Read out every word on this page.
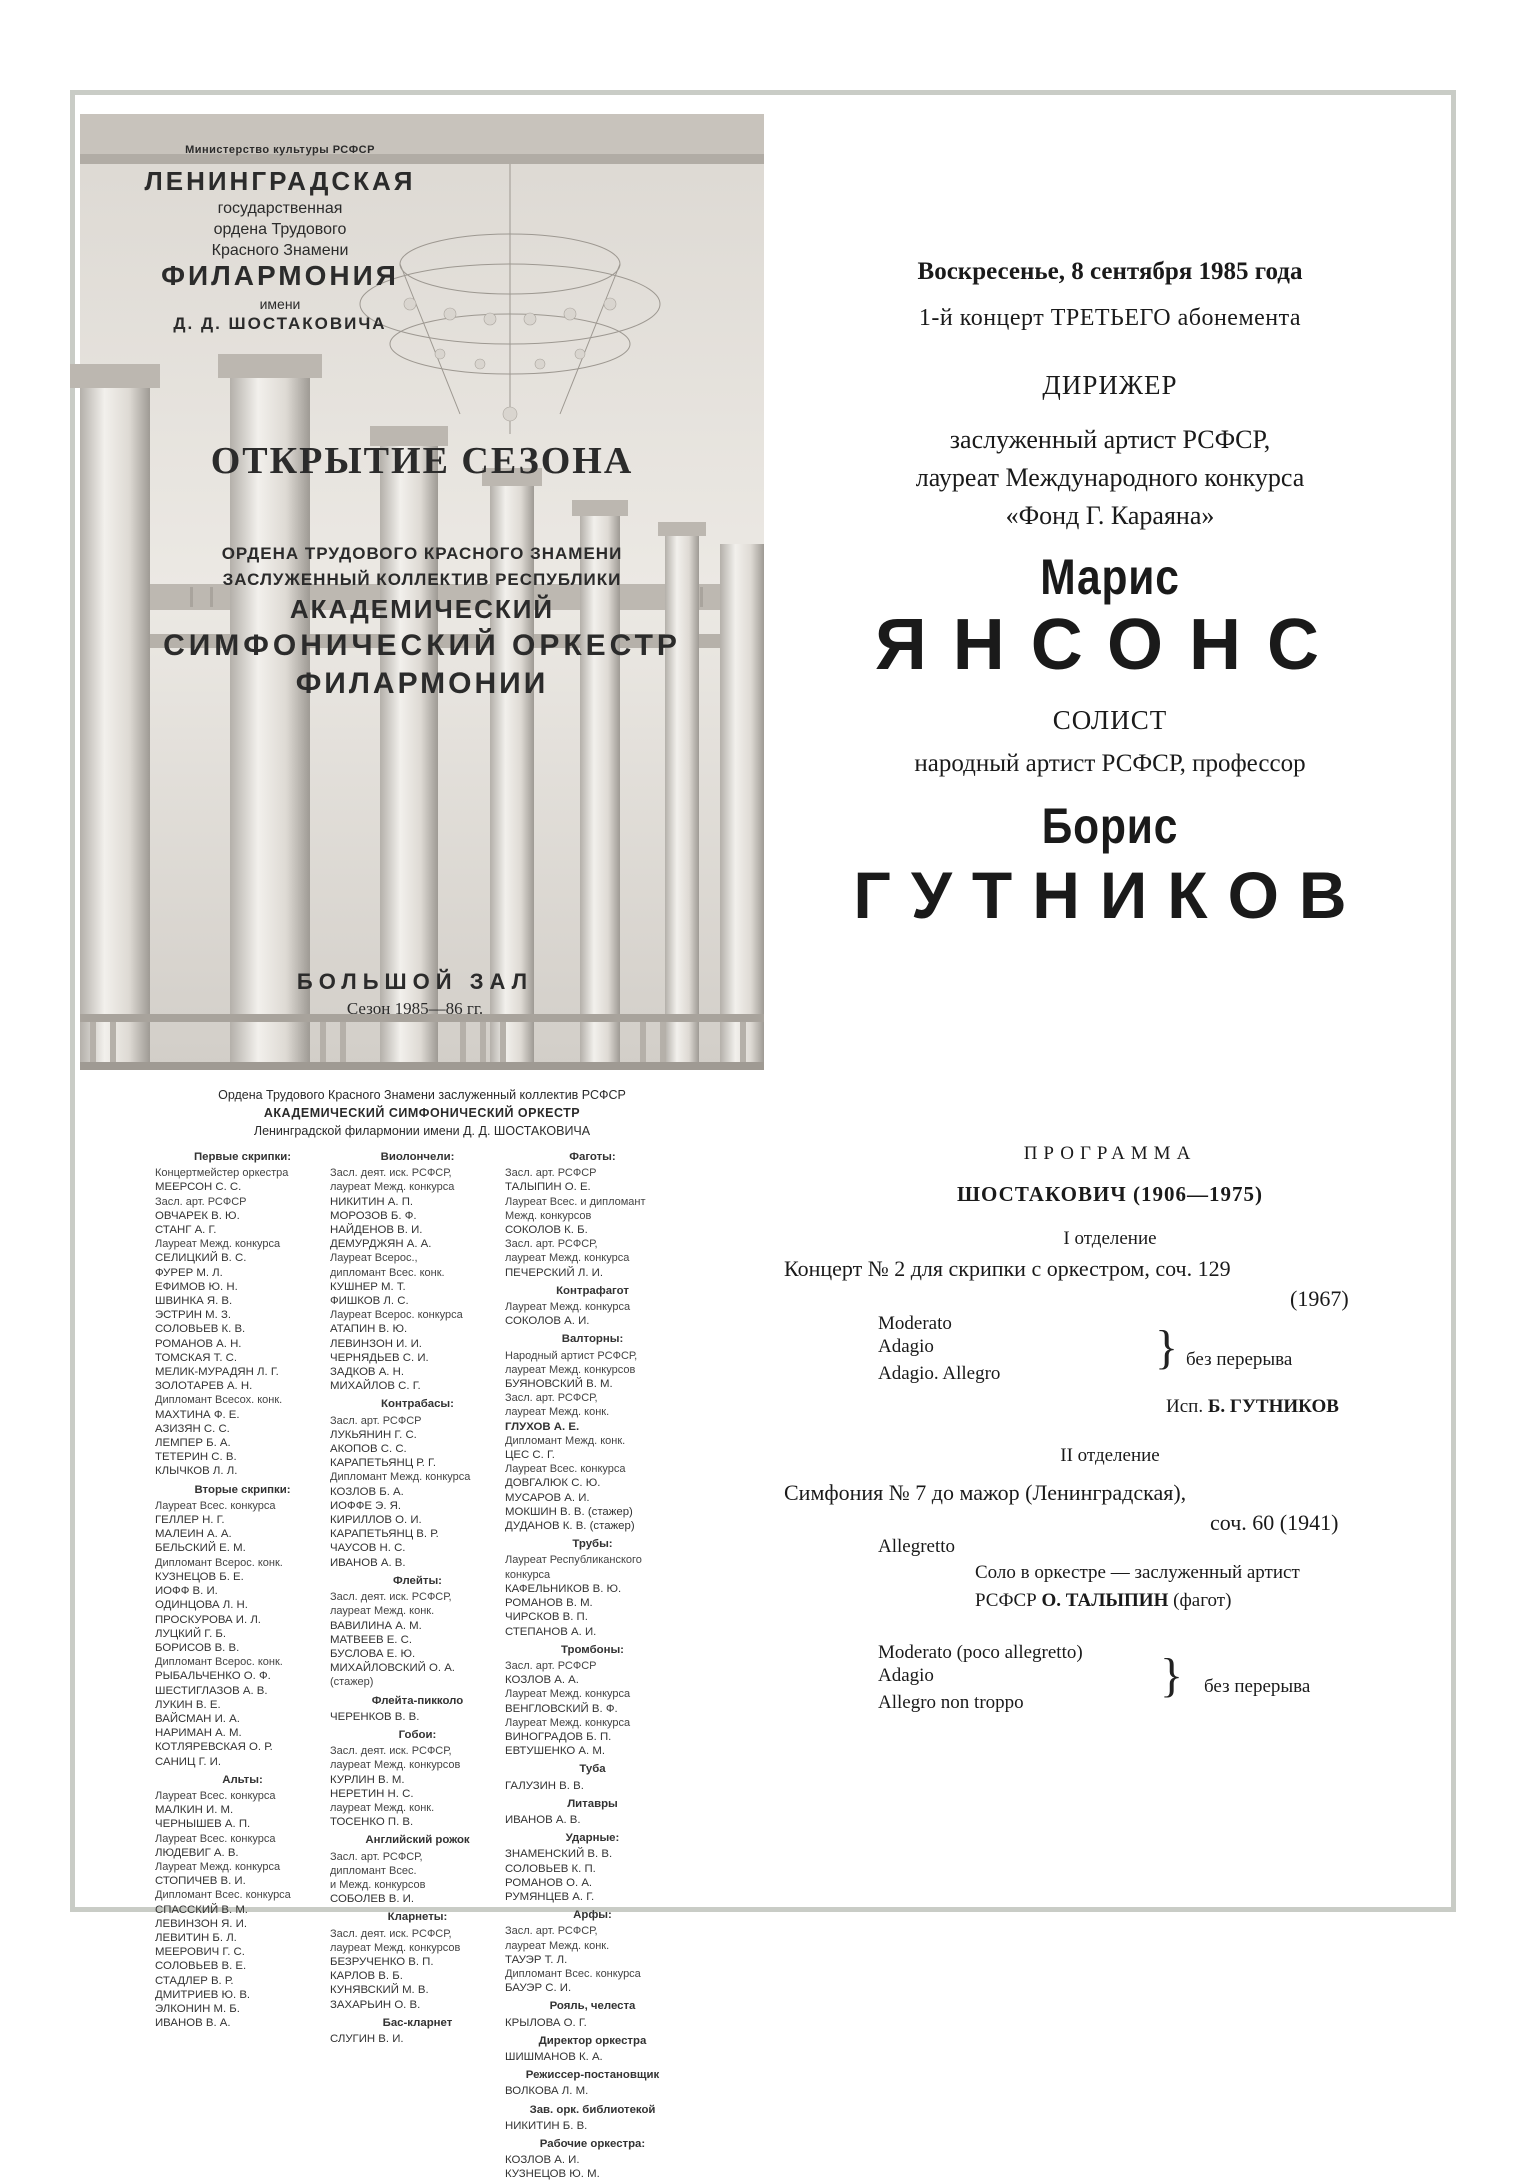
Министерство культуры РСФСР
ЛЕНИНГРАДСКАЯ
государственная
ордена Трудового
Красного Знамени
ФИЛАРМОНИЯ
имени
Д. Д. ШОСТАКОВИЧА
ОТКРЫТИЕ СЕЗОНА
ОРДЕНА ТРУДОВОГО КРАСНОГО ЗНАМЕНИ
ЗАСЛУЖЕННЫЙ КОЛЛЕКТИВ РЕСПУБЛИКИ
АКАДЕМИЧЕСКИЙ
СИМФОНИЧЕСКИЙ ОРКЕСТР
ФИЛАРМОНИИ
БОЛЬШОЙ ЗАЛ
Сезон 1985—86 гг.
Воскресенье, 8 сентября 1985 года
1-й концерт ТРЕТЬЕГО абонемента
ДИРИЖЕР
заслуженный артист РСФСР,
лауреат Международного конкурса
«Фонд Г. Караяна»
Марис
ЯНСОНС
СОЛИСТ
народный артист РСФСР, профессор
Борис
ГУТНИКОВ
Ордена Трудового Красного Знамени заслуженный коллектив РСФСР
АКАДЕМИЧЕСКИЙ СИМФОНИЧЕСКИЙ ОРКЕСТР
Ленинградской филармонии имени Д. Д. ШОСТАКОВИЧА
Первые скрипки:
Концертмейстер оркестра
МЕЕРСОН С. С.
Засл. арт. РСФСР
ОВЧАРЕК В. Ю.
СТАНГ А. Г.
Лауреат Межд. конкурса
СЕЛИЦКИЙ В. С.
ФУРЕР М. Л.
ЕФИМОВ Ю. Н.
ШВИНКА Я. В.
ЭСТРИН М. З.
СОЛОВЬЕВ К. В.
РОМАНОВ А. Н.
ТОМСКАЯ Т. С.
МЕЛИК-МУРАДЯН Л. Г.
ЗОЛОТАРЕВ А. Н.
Дипломант Всесох. конк.
МАХТИНА Ф. Е.
АЗИЗЯН С. С.
ЛЕМПЕР Б. А.
ТЕТЕРИН С. В.
КЛЫЧКОВ Л. Л.
Вторые скрипки:
Лауреат Всес. конкурса
ГЕЛЛЕР Н. Г.
МАЛЕИН А. А.
БЕЛЬСКИЙ Е. М.
Дипломант Всерос. конк.
КУЗНЕЦОВ Б. Е.
ИОФФ В. И.
ОДИНЦОВА Л. Н.
ПРОСКУРОВА И. Л.
ЛУЦКИЙ Г. Б.
БОРИСОВ В. В.
Дипломант Всерос. конк.
РЫБАЛЬЧЕНКО О. Ф.
ШЕСТИГЛАЗОВ А. В.
ЛУКИН В. Е.
ВАЙСМАН И. А.
НАРИМАН А. М.
КОТЛЯРЕВСКАЯ О. Р.
САНИЦ Г. И.
Альты:
Лауреат Всес. конкурса
МАЛКИН И. М.
ЧЕРНЫШЕВ А. П.
Лауреат Всес. конкурса
ЛЮДЕВИГ А. В.
Лауреат Межд. конкурса
СТОПИЧЕВ В. И.
Дипломант Всес. конкурса
СПАССКИЙ В. М.
ЛЕВИНЗОН Я. И.
ЛЕВИТИН Б. Л.
МЕЕРОВИЧ Г. С.
СОЛОВЬЕВ В. Е.
СТАДЛЕР В. Р.
ДМИТРИЕВ Ю. В.
ЭЛКОНИН М. Б.
ИВАНОВ В. А.
Виолончели:
Засл. деят. иск. РСФСР,
лауреат Межд. конкурса
НИКИТИН А. П.
МОРОЗОВ Б. Ф.
НАЙДЕНОВ В. И.
ДЕМУРДЖЯН А. А.
Лауреат Всерос.,
дипломант Всес. конк.
КУШНЕР М. Т.
ФИШКОВ Л. С.
Лауреат Всерос. конкурса
АТАПИН В. Ю.
ЛЕВИНЗОН И. И.
ЧЕРНЯДЬЕВ С. И.
ЗАДКОВ А. Н.
МИХАЙЛОВ С. Г.
Контрабасы:
Засл. арт. РСФСР
ЛУКЬЯНИН Г. С.
АКОПОВ С. С.
КАРАПЕТЬЯНЦ Р. Г.
Дипломант Межд. конкурса
КОЗЛОВ Б. А.
ИОФФЕ Э. Я.
КИРИЛЛОВ О. И.
КАРАПЕТЬЯНЦ В. Р.
ЧАУСОВ Н. С.
ИВАНОВ А. В.
Флейты:
Засл. деят. иск. РСФСР,
лауреат Межд. конк.
ВАВИЛИНА А. М.
МАТВЕЕВ Е. С.
БУСЛОВА Е. Ю.
МИХАЙЛОВСКИЙ О. А.
(стажер)
Флейта-пикколо
ЧЕРЕНКОВ В. В.
Гобои:
Засл. деят. иск. РСФСР,
лауреат Межд. конкурсов
КУРЛИН В. М.
НЕРЕТИН Н. С.
лауреат Межд. конк.
ТОСЕНКО П. В.
Английский рожок
Засл. арт. РСФСР,
дипломант Всес.
и Межд. конкурсов
СОБОЛЕВ В. И.
Кларнеты:
Засл. деят. иск. РСФСР,
лауреат Межд. конкурсов
БЕЗРУЧЕНКО В. П.
КАРЛОВ В. Б.
КУНЯВСКИЙ М. В.
ЗАХАРЬИН О. В.
Бас-кларнет
СЛУГИН В. И.
Фаготы:
Засл. арт. РСФСР
ТАЛЫПИН О. Е.
Лауреат Всес. и дипломант
Межд. конкурсов
СОКОЛОВ К. Б.
Засл. арт. РСФСР,
лауреат Межд. конкурса
ПЕЧЕРСКИЙ Л. И.
Контрафагот
Лауреат Межд. конкурса
СОКОЛОВ А. И.
Валторны:
Народный артист РСФСР,
лауреат Межд. конкурсов
БУЯНОВСКИЙ В. М.
Засл. арт. РСФСР,
лауреат Межд. конк.
ГЛУХОВ А. Е.
Дипломант Межд. конк.
ЦЕС С. Г.
Лауреат Всес. конкурса
ДОВГАЛЮК С. Ю.
МУСАРОВ А. И.
МОКШИН В. В. (стажер)
ДУДАНОВ К. В. (стажер)
Трубы:
Лауреат Республиканского
конкурса
КАФЕЛЬНИКОВ В. Ю.
РОМАНОВ В. М.
ЧИРСКОВ В. П.
СТЕПАНОВ А. И.
Тромбоны:
Засл. арт. РСФСР
КОЗЛОВ А. А.
Лауреат Межд. конкурса
ВЕНГЛОВСКИЙ В. Ф.
Лауреат Межд. конкурса
ВИНОГРАДОВ Б. П.
ЕВТУШЕНКО А. М.
Туба
ГАЛУЗИН В. В.
Литавры
ИВАНОВ А. В.
Ударные:
ЗНАМЕНСКИЙ В. В.
СОЛОВЬЕВ К. П.
РОМАНОВ О. А.
РУМЯНЦЕВ А. Г.
Арфы:
Засл. арт. РСФСР,
лауреат Межд. конк.
ТАУЭР Т. Л.
Дипломант Всес. конкурса
БАУЭР С. И.
Рояль, челеста
КРЫЛОВА О. Г.
Директор оркестра
ШИШМАНОВ К. А.
Режиссер-постановщик
ВОЛКОВА Л. М.
Зав. орк. библиотекой
НИКИТИН Б. В.
Рабочие оркестра:
КОЗЛОВ А. И.
КУЗНЕЦОВ Ю. М.
ПРОГРАММА
ШОСТАКОВИЧ (1906—1975)
I отделение
Концерт № 2 для скрипки с оркестром, соч. 129
(1967)
Moderato
Adagio
Adagio. Allegro	} без перерыва
Исп. Б. ГУТНИКОВ
II отделение
Симфония № 7 до мажор (Ленинградская),
соч. 60 (1941)
Allegretto
Соло в оркестре — заслуженный артист
РСФСР О. ТАЛЫПИН (фагот)
Moderato (poco allegretto)
Adagio
Allegro non troppo
} без перерыва
